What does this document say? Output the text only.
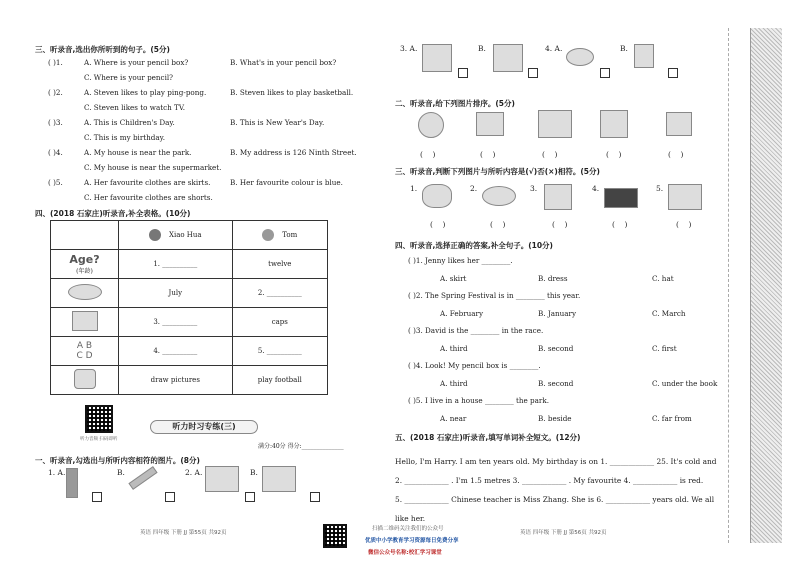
三、听录音,选出你所听到的句子。(5分)
( )1.	A. Where is your pencil box?	B. What's in your pencil box?
C. Where is your pencil?
( )2.	A. Steven likes to play ping-pong.	B. Steven likes to play basketball.
C. Steven likes to watch TV.
( )3.	A. This is Children's Day.	B. This is New Year's Day.
C. This is my birthday.
( )4.	A. My house is near the park.	B. My address is 126 Ninth Street.
C. My house is near the supermarket.
( )5.	A. Her favourite clothes are skirts.	B. Her favourite colour is blue.
C. Her favourite clothes are shorts.
四、(2018 石家庄)听录音,补全表格。(10分)
	Xiao Hua	Tom

Age?
(年龄)	1. __________	twelve
	July	2. __________
	3. __________	caps
A B
C D	4. __________	5. __________
	draw pictures	play football
听力音频 扫码即听
听力时习专练(三)
满分:40分 得分:______________
一、听录音,勾选出与所听内容相符的图片。(8分)
1. A.	B.	2. A.	B.
英语 四年级 下册 JJ 第55页 共92页
扫描二维码关注我们的公众号
优质中小学教育学习资源每日免费分享
微信公众号名称:校汇学习课堂
3. A.	B.	4. A.	B.
二、听录音,给下列图片排序。(5分)
(    )	(    )	(    )	(    )	(    )
三、听录音,判断下列图片与所听内容是(√)否(×)相符。(5分)
1.	2.	3.	4.	5.
(    )	(    )	(    )	(    )	(    )
四、听录音,选择正确的答案,补全句子。(10分)
( )1. Jenny likes her ________.
A. skirt	B. dress	C. hat
( )2. The Spring Festival is in ________ this year.
A. February	B. January	C. March
( )3. David is the ________ in the race.
A. third	B. second	C. first
( )4. Look! My pencil box is ________.
A. third	B. second	C. under the book
( )5. I live in a house ________ the park.
A. near	B. beside	C. far from
五、(2018 石家庄)听录音,填写单词补全短文。(12分)
Hello, I'm Harry. I am ten years old. My birthday is on 1. ____________ 25. It's cold and
2. ____________ . I'm 1.5 metres 3. ____________ . My favourite 4. ____________ is red.
5. ____________ Chinese teacher is Miss Zhang. She is 6. ____________ years old. We all
like her.
英语 四年级 下册 JJ 第56页 共92页
